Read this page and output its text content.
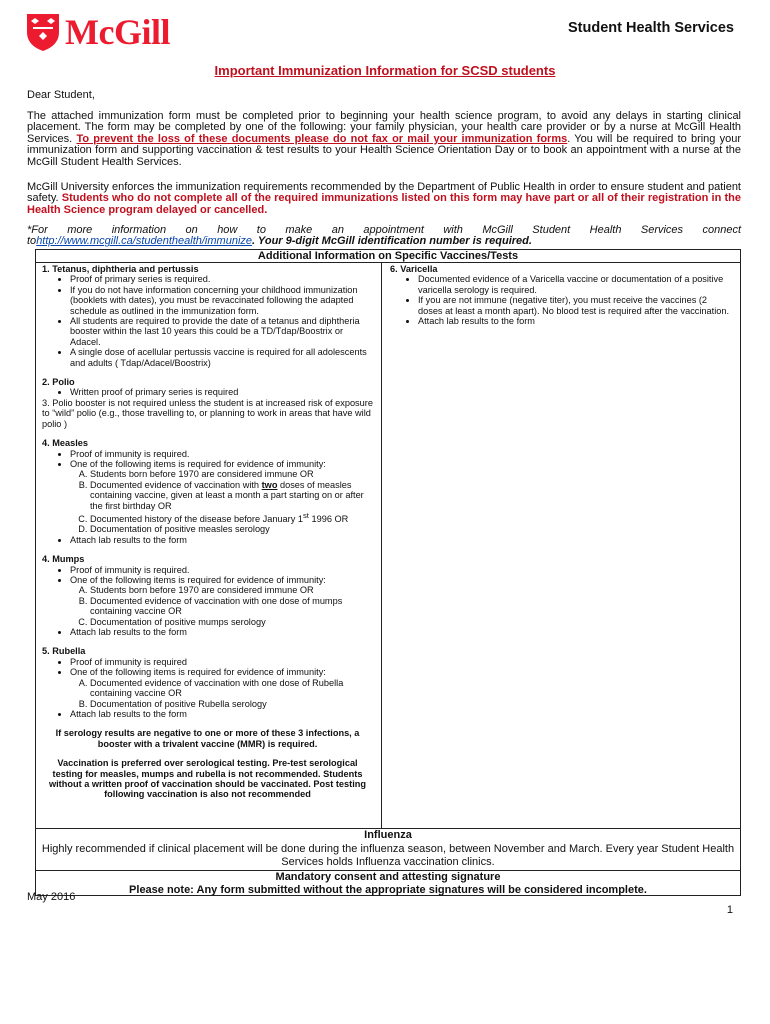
McGill	Student Health Services
Important Immunization Information for SCSD students
Dear Student,
The attached immunization form must be completed prior to beginning your health science program, to avoid any delays in starting clinical placement. The form may be completed by one of the following: your family physician, your health care provider or by a nurse at McGill Health Services. To prevent the loss of these documents please do not fax or mail your immunization forms. You will be required to bring your immunization form and supporting vaccination & test results to your Health Science Orientation Day or to book an appointment with a nurse at the McGill Student Health Services.
McGill University enforces the immunization requirements recommended by the Department of Public Health in order to ensure student and patient safety. Students who do not complete all of the required immunizations listed on this form may have part or all of their registration in the Health Science program delayed or cancelled.
*For more information on how to make an appointment with McGill Student Health Services connect tohttp://www.mcgill.ca/studenthealth/immunize. Your 9-digit McGill identification number is required.
Additional Information on Specific Vaccines/Tests

1. Tetanus, diphtheria and pertussis

• Proof of primary series is required.
• If you do not have information concerning your childhood immunization (booklets with dates), you must be revaccinated following the adapted schedule as outlined in the immunization form.
• All students are required to provide the date of a tetanus and diphtheria booster within the last 10 years this could be a TD/Tdap/Boostrix or Adacel.
• A single dose of acellular pertussis vaccine is required for all adolescents and adults ( Tdap/Adacel/Boostrix)

2. Polio

• Written proof of primary series is required

3. Polio booster is not required unless the student is at increased risk of exposure to “wild” polio (e.g., those travelling to, or planning to work in areas that have wild polio )

4. Measles

• Proof of immunity is required.
• One of the following items is required for evidence of immunity:
A. Students born before 1970 are considered immune OR
B. Documented evidence of vaccination with two doses of measles containing vaccine, given at least a month a part starting on or after the first birthday OR
C. Documented history of the disease before January 1st 1996 OR
D. Documentation of positive measles serology
• Attach lab results to the form

4. Mumps

• Proof of immunity is required.
• One of the following items is required for evidence of immunity:
A. Students born before 1970 are considered immune OR
B. Documented evidence of vaccination with one dose of mumps containing vaccine OR
C. Documentation of positive mumps serology
• Attach lab results to the form

5. Rubella

• Proof of immunity is required
• One of the following items is required for evidence of immunity:
A. Documented evidence of vaccination with one dose of Rubella containing vaccine OR
B. Documentation of positive Rubella serology
• Attach lab results to the form

If serology results are negative to one or more of these 3 infections, a booster with a trivalent vaccine (MMR) is required.

Vaccination is preferred over serological testing. Pre-test serological testing for measles, mumps and rubella is not recommended. Students without a written proof of vaccination should be vaccinated. Post testing following vaccination is also not recommended

6. Varicella

• Documented evidence of a Varicella vaccine or documentation of a positive varicella serology is required.
• If you are not immune (negative titer), you must receive the vaccines (2 doses at least a month apart). No blood test is required after the vaccination.
• Attach lab results to the form
Influenza
Highly recommended if clinical placement will be done during the influenza season, between November and March. Every year Student Health Services holds Influenza vaccination clinics.
Mandatory consent and attesting signature
Please note: Any form submitted without the appropriate signatures will be considered incomplete.
May 2016
1
